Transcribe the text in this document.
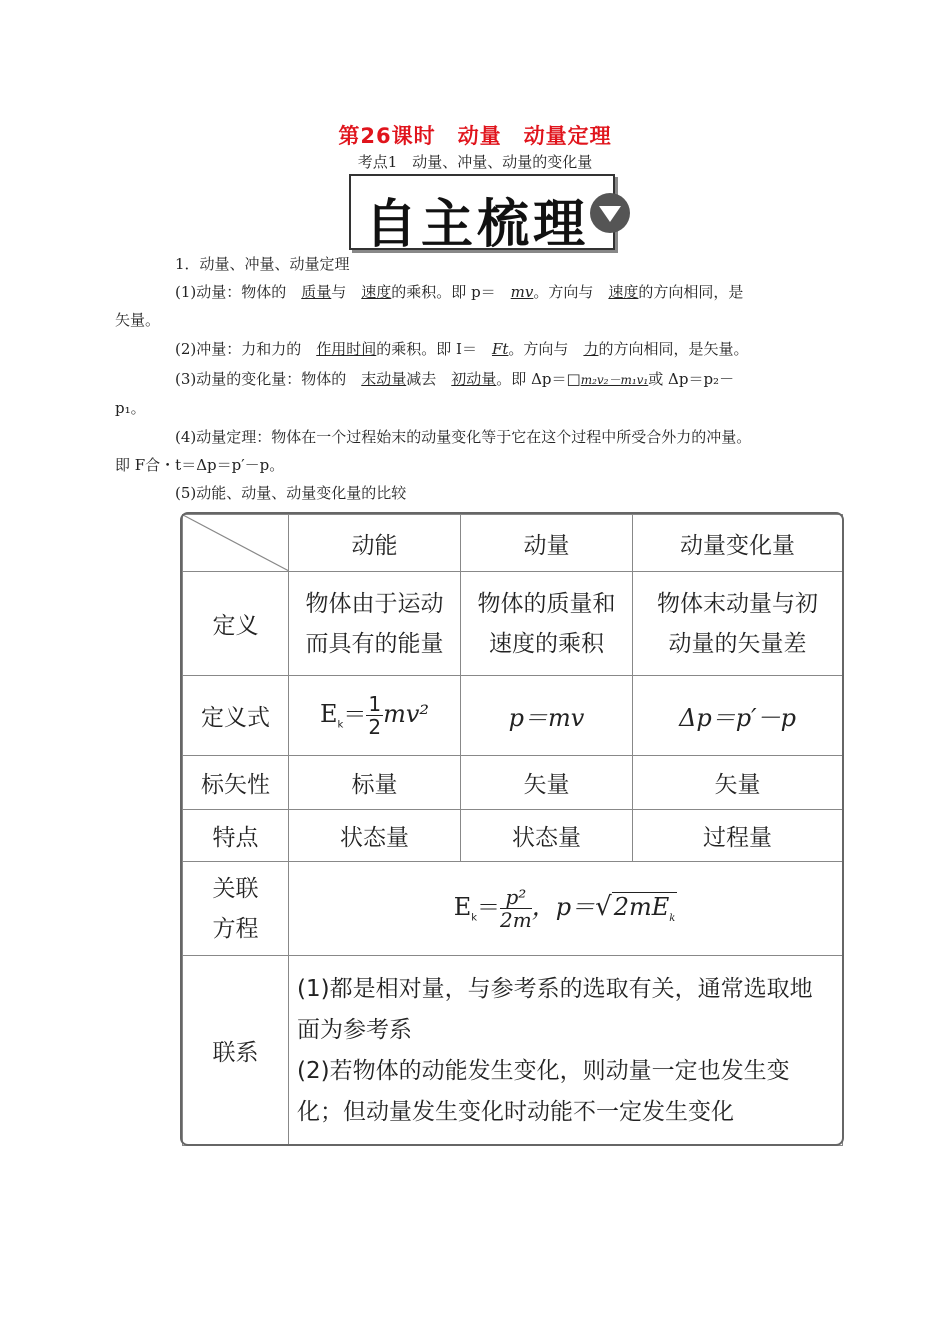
第26课时　动量　动量定理
考点1　动量、冲量、动量的变化量
自主梳理
1．动量、冲量、动量定理
(1)动量：物体的　质量与　速度的乘积。即 p＝　mv。方向与　速度的方向相同，是
矢量。
(2)冲量：力和力的　作用时间的乘积。即 I＝　Ft。方向与　力的方向相同，是矢量。
(3)动量的变化量：物体的　末动量减去　初动量。即 Δp＝□m₂v₂－m₁v₁或 Δp＝p₂－
p₁。
(4)动量定理：物体在一个过程始末的动量变化等于它在这个过程中所受合外力的冲量。
即 F合・t＝Δp＝p′－p。
(5)动能、动量、动量变化量的比较
	动能	动量	动量变化量
定义	物体由于运动而具有的能量	物体的质量和速度的乘积	物体末动量与初动量的矢量差
定义式	$E_k= \frac{1}{2} mv^2$	p＝mv	Δp＝p′－p
标矢性	标量	矢量	矢量
特点	状态量	状态量	过程量
关联
方程	$E_k= \frac{\text{p²}}{2m}$ ，$p=√2mE_k$
联系	(1)都是相对量，与参考系的选取有关，通常选取地面为参考系
(2)若物体的动能发生变化，则动量一定也发生变化；但动量发生变化时动能不一定发生变化		
